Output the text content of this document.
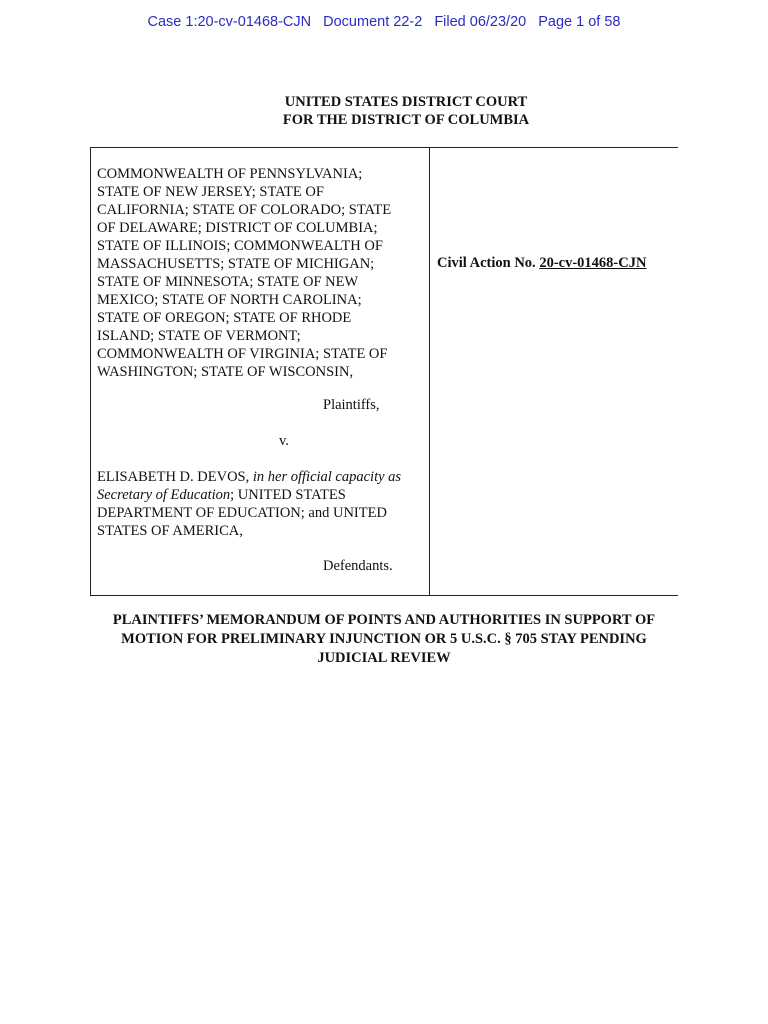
Case 1:20-cv-01468-CJN Document 22-2 Filed 06/23/20 Page 1 of 58
UNITED STATES DISTRICT COURT
FOR THE DISTRICT OF COLUMBIA
COMMONWEALTH OF PENNSYLVANIA;
STATE OF NEW JERSEY; STATE OF
CALIFORNIA; STATE OF COLORADO; STATE
OF DELAWARE; DISTRICT OF COLUMBIA;
STATE OF ILLINOIS; COMMONWEALTH OF
MASSACHUSETTS; STATE OF MICHIGAN;
STATE OF MINNESOTA; STATE OF NEW
MEXICO; STATE OF NORTH CAROLINA;
STATE OF OREGON; STATE OF RHODE
ISLAND; STATE OF VERMONT;
COMMONWEALTH OF VIRGINIA; STATE OF
WASHINGTON; STATE OF WISCONSIN,
Plaintiffs,
v.
ELISABETH D. DEVOS, in her official capacity as
Secretary of Education; UNITED STATES
DEPARTMENT OF EDUCATION; and UNITED
STATES OF AMERICA,
Defendants.
Civil Action No. 20-cv-01468-CJN
PLAINTIFFS’ MEMORANDUM OF POINTS AND AUTHORITIES IN SUPPORT OF
MOTION FOR PRELIMINARY INJUNCTION OR 5 U.S.C. § 705 STAY PENDING
JUDICIAL REVIEW
